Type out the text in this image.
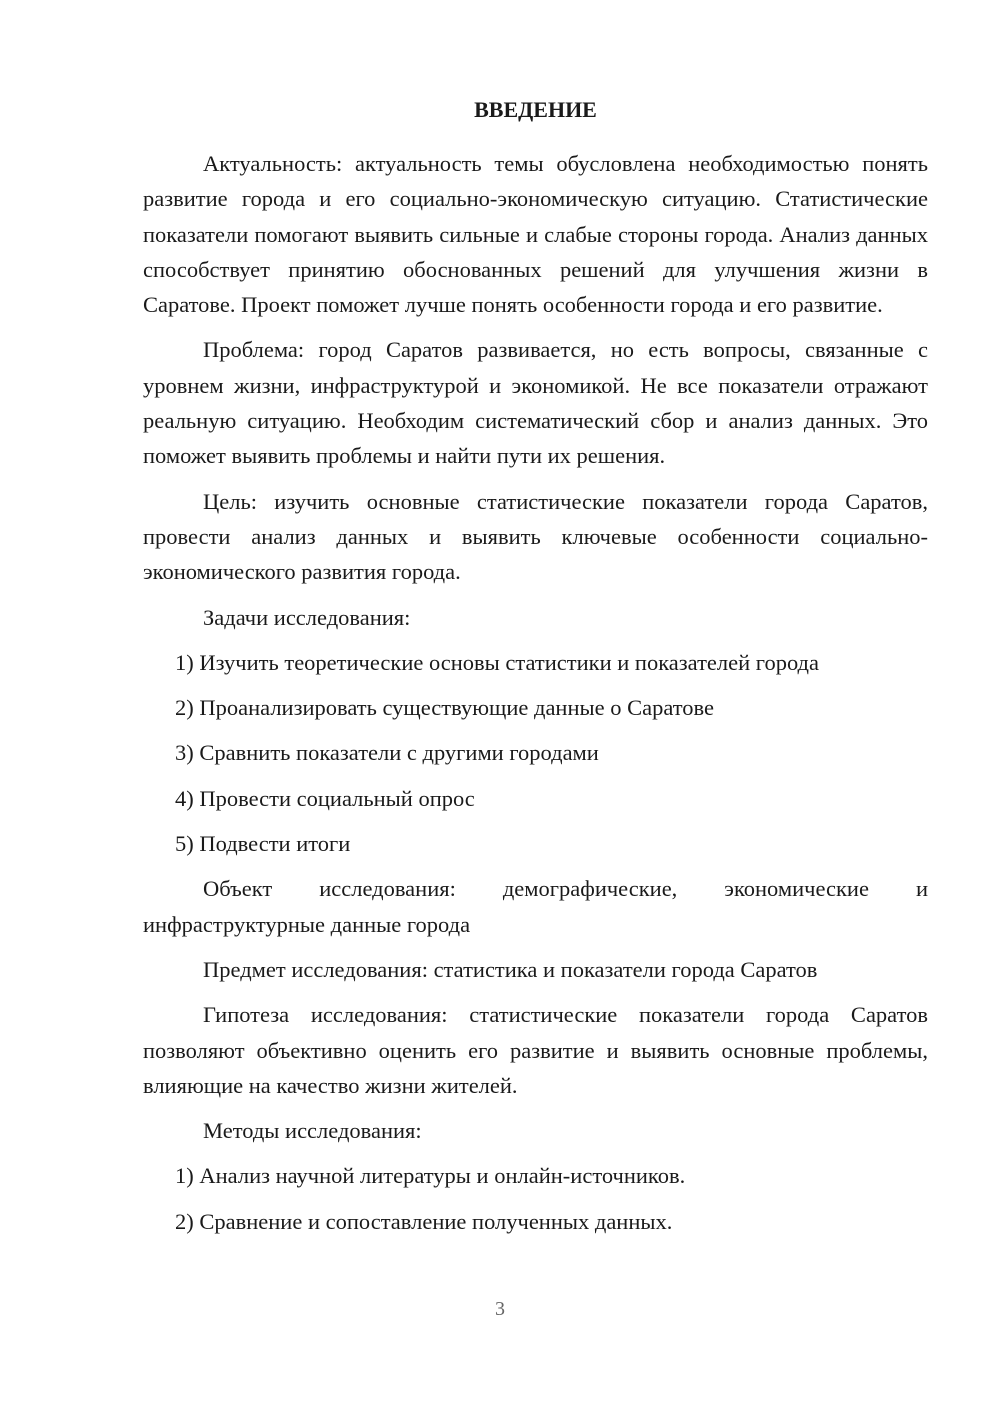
ВВЕДЕНИЕ

Актуальность: актуальность темы обусловлена необходимостью понять развитие города и его социально-экономическую ситуацию. Статистические показатели помогают выявить сильные и слабые стороны города. Анализ данных способствует принятию обоснованных решений для улучшения жизни в Саратове. Проект поможет лучше понять особенности города и его развитие.

Проблема: город Саратов развивается, но есть вопросы, связанные с уровнем жизни, инфраструктурой и экономикой. Не все показатели отражают реальную ситуацию. Необходим систематический сбор и анализ данных. Это поможет выявить проблемы и найти пути их решения.

Цель: изучить основные статистические показатели города Саратов, провести анализ данных и выявить ключевые особенности социально-экономического развития города.

Задачи исследования:

1) Изучить теоретические основы статистики и показателей города

2) Проанализировать существующие данные о Саратове

3) Сравнить показатели с другими городами

4) Провести социальный опрос

5) Подвести итоги

Объект исследования: демографические, экономические и инфраструктурные данные города

Предмет исследования: статистика и показатели города Саратов

Гипотеза исследования: статистические показатели города Саратов позволяют объективно оценить его развитие и выявить основные проблемы, влияющие на качество жизни жителей.

Методы исследования:

1) Анализ научной литературы и онлайн-источников.

2) Сравнение и сопоставление полученных данных.

3
